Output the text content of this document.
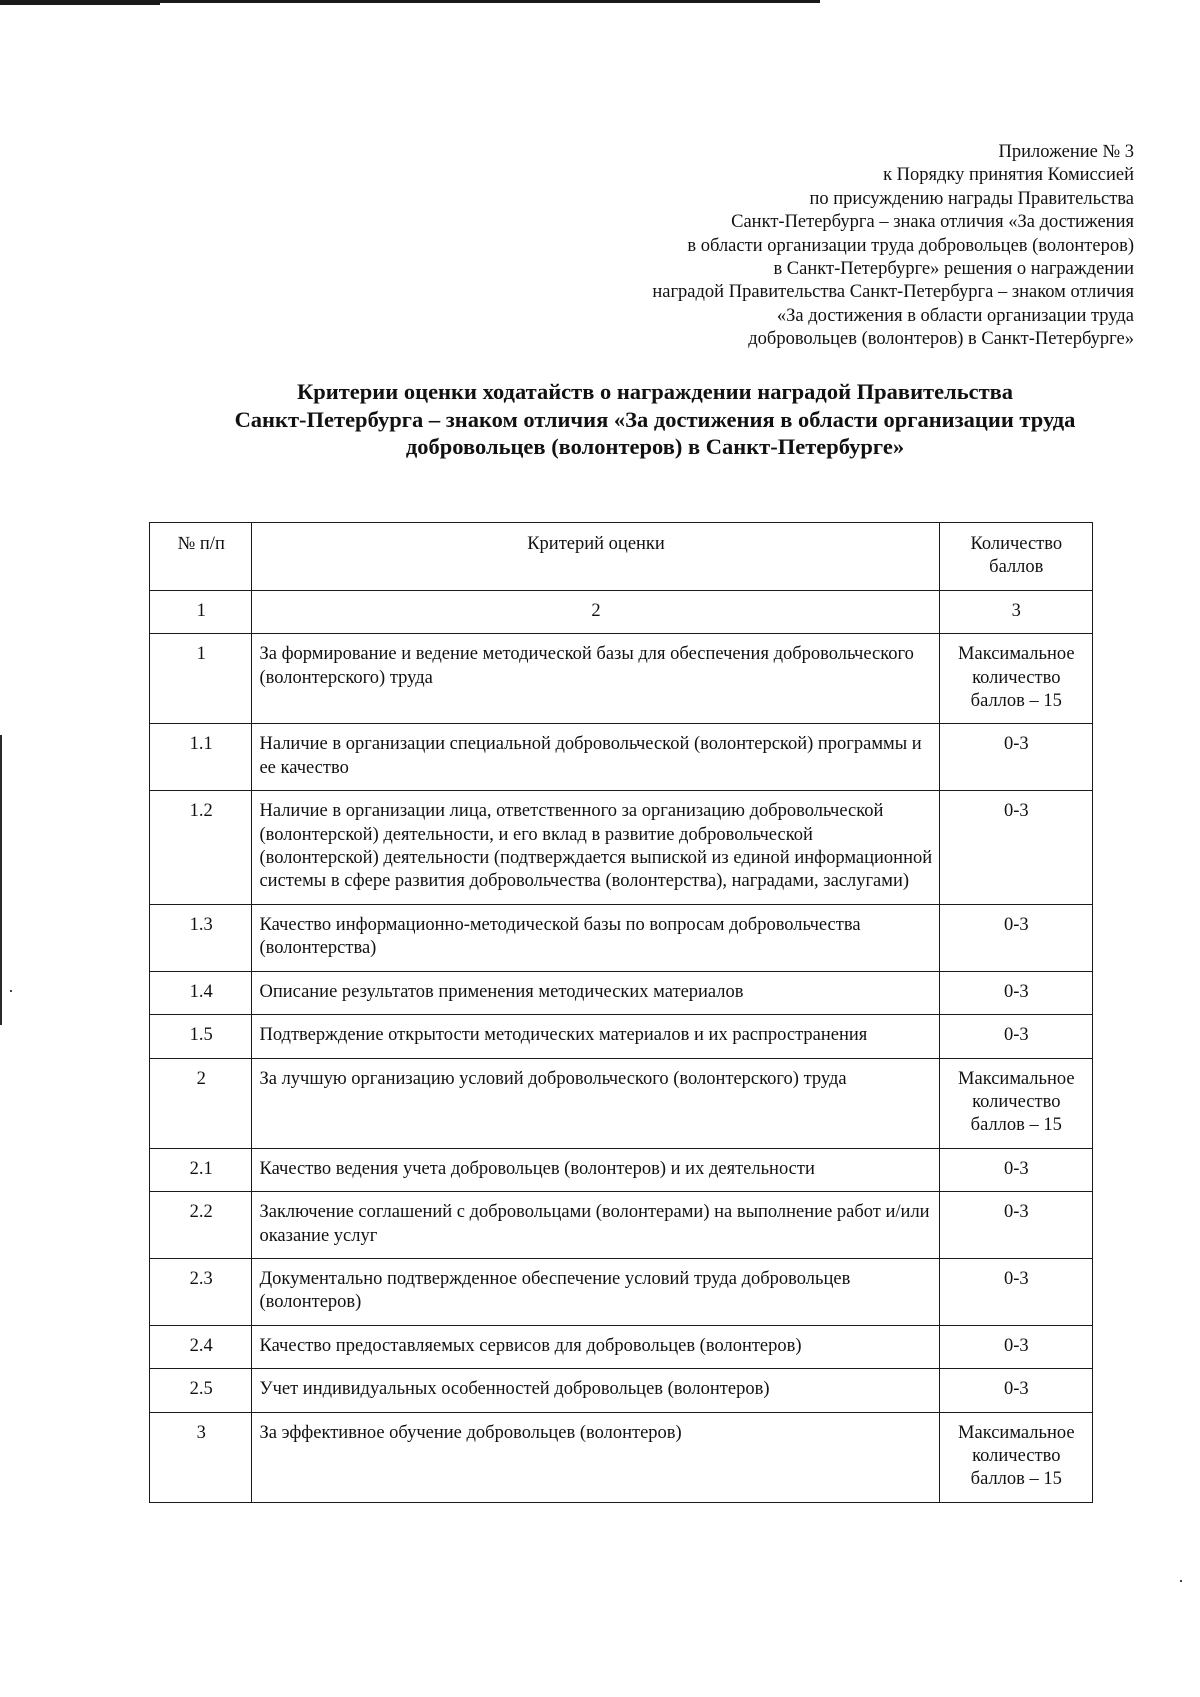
Приложение № 3
к Порядку принятия Комиссией
по присуждению награды Правительства
Санкт-Петербурга – знака отличия «За достижения
в области организации труда добровольцев (волонтеров)
в Санкт-Петербурге» решения о награждении
наградой Правительства Санкт-Петербурга – знаком отличия
«За достижения в области организации труда
добровольцев (волонтеров) в Санкт-Петербурге»
Критерии оценки ходатайств о награждении наградой Правительства
Санкт-Петербурга – знаком отличия «За достижения в области организации труда
добровольцев (волонтеров) в Санкт-Петербурге»
№ п/п	Критерий оценки	Количество баллов
1	2	3
1	За формирование и ведение методической базы для обеспечения добровольческого (волонтерского) труда	Максимальное количество баллов – 15
1.1	Наличие в организации специальной добровольческой (волонтерской) программы и ее качество	0-3
1.2	Наличие в организации лица, ответственного за организацию добровольческой (волонтерской) деятельности, и его вклад в развитие добровольческой (волонтерской) деятельности (подтверждается выпиской из единой информационной системы в сфере развития добровольчества (волонтерства), наградами, заслугами)	0-3
1.3	Качество информационно-методической базы по вопросам добровольчества (волонтерства)	0-3
1.4	Описание результатов применения методических материалов	0-3
1.5	Подтверждение открытости методических материалов и их распространения	0-3
2	За лучшую организацию условий добровольческого (волонтерского) труда	Максимальное количество баллов – 15
2.1	Качество ведения учета добровольцев (волонтеров) и их деятельности	0-3
2.2	Заключение соглашений с добровольцами (волонтерами) на выполнение работ и/или оказание услуг	0-3
2.3	Документально подтвержденное обеспечение условий труда добровольцев (волонтеров)	0-3
2.4	Качество предоставляемых сервисов для добровольцев (волонтеров)	0-3
2.5	Учет индивидуальных особенностей добровольцев (волонтеров)	0-3
3	За эффективное обучение добровольцев (волонтеров)	Максимальное количество баллов – 15
